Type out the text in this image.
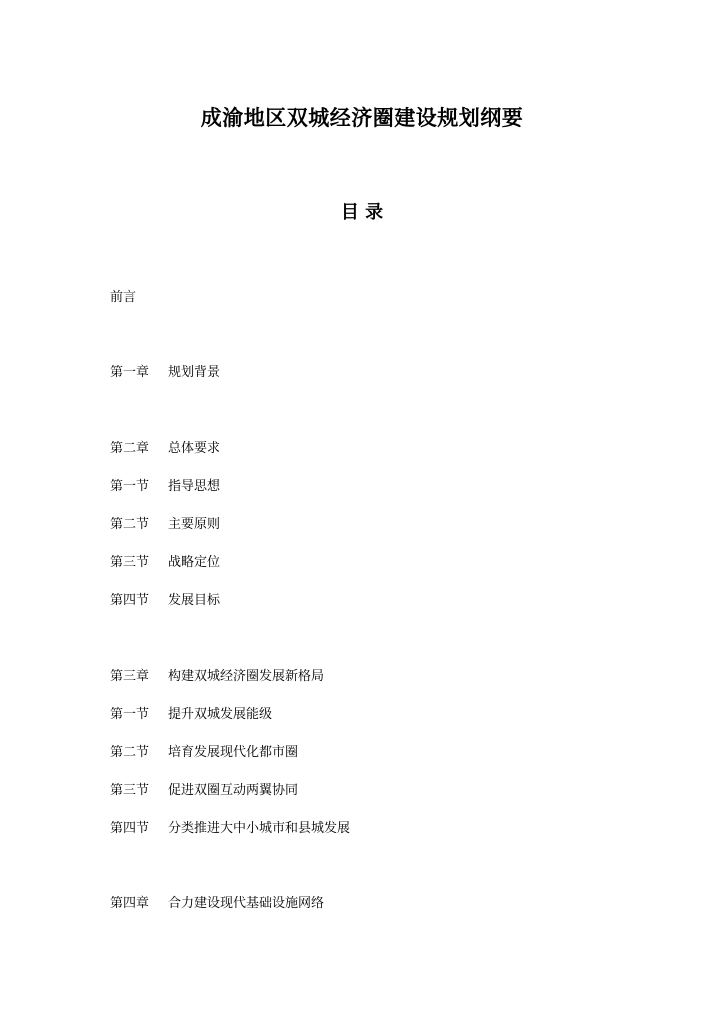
成渝地区双城经济圈建设规划纲要
目 录
前言
第一章 规划背景
第二章 总体要求
第一节 指导思想
第二节 主要原则
第三节 战略定位
第四节 发展目标
第三章 构建双城经济圈发展新格局
第一节 提升双城发展能级
第二节 培育发展现代化都市圈
第三节 促进双圈互动两翼协同
第四节 分类推进大中小城市和县城发展
第四章 合力建设现代基础设施网络
